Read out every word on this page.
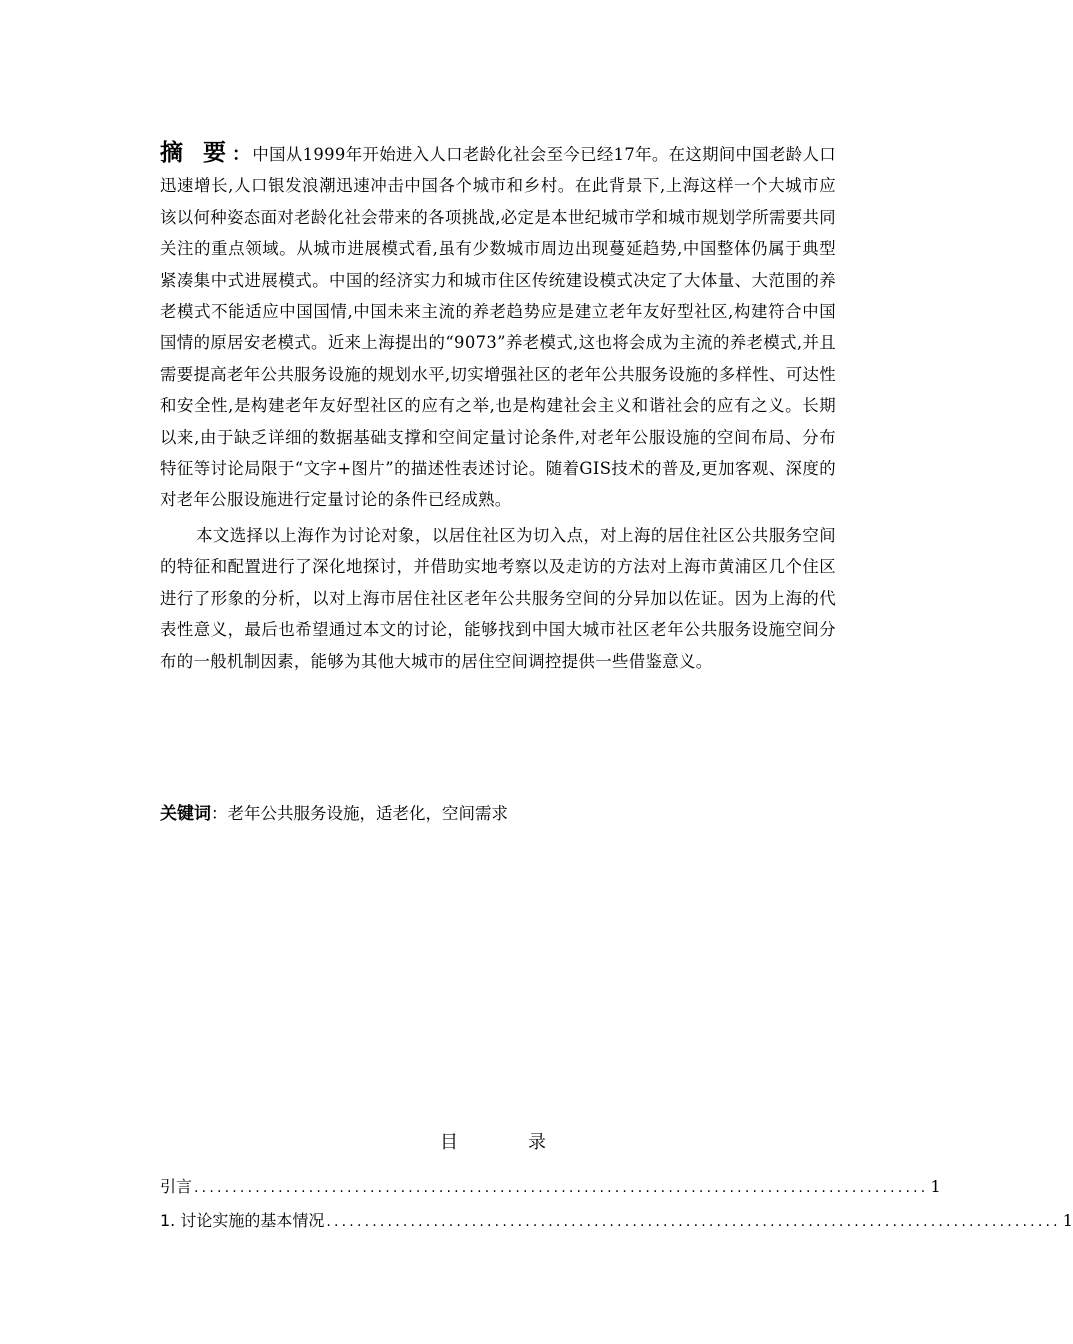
摘 要： 中国从1999年开始进入人口老龄化社会至今已经17年。在这期间中国老龄人口迅速增长,人口银发浪潮迅速冲击中国各个城市和乡村。在此背景下,上海这样一个大城市应该以何种姿态面对老龄化社会带来的各项挑战,必定是本世纪城市学和城市规划学所需要共同关注的重点领域。从城市进展模式看,虽有少数城市周边出现蔓延趋势,中国整体仍属于典型紧凑集中式进展模式。中国的经济实力和城市住区传统建设模式决定了大体量、大范围的养老模式不能适应中国国情,中国未来主流的养老趋势应是建立老年友好型社区,构建符合中国国情的原居安老模式。近来上海提出的“9073”养老模式,这也将会成为主流的养老模式,并且需要提高老年公共服务设施的规划水平,切实增强社区的老年公共服务设施的多样性、可达性和安全性,是构建老年友好型社区的应有之举,也是构建社会主义和谐社会的应有之义。长期以来,由于缺乏详细的数据基础支撑和空间定量讨论条件,对老年公服设施的空间布局、分布特征等讨论局限于“文字+图片”的描述性表述讨论。随着GIS技术的普及,更加客观、深度的对老年公服设施进行定量讨论的条件已经成熟。

本文选择以上海作为讨论对象，以居住社区为切入点，对上海的居住社区公共服务空间的特征和配置进行了深化地探讨，并借助实地考察以及走访的方法对上海市黄浦区几个住区进行了形象的分析，以对上海市居住社区老年公共服务空间的分异加以佐证。因为上海的代表性意义，最后也希望通过本文的讨论，能够找到中国大城市社区老年公共服务设施空间分布的一般机制因素，能够为其他大城市的居住空间调控提供一些借鉴意义。

关键词：老年公共服务设施，适老化，空间需求
目	录
引言 ................................................................................................ 1
1. 讨论实施的基本情况 ................................................................................................ 1
